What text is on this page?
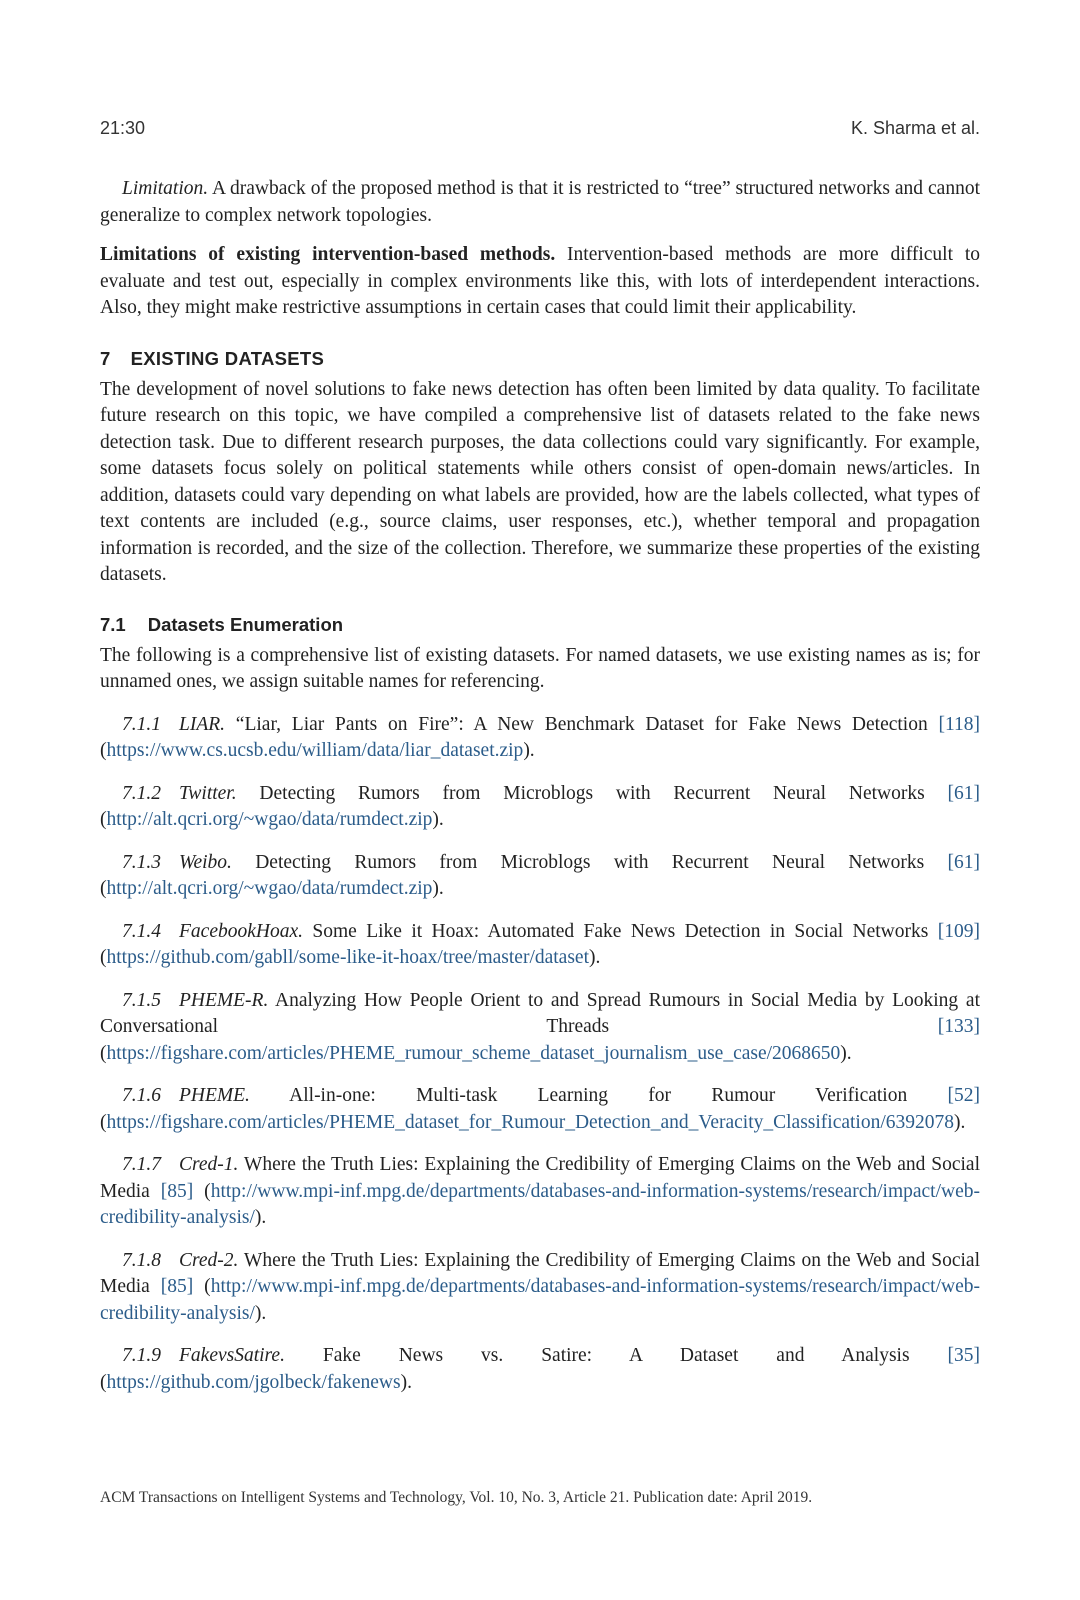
21:30	K. Sharma et al.

Limitation. A drawback of the proposed method is that it is restricted to “tree” structured networks and cannot generalize to complex network topologies.

Limitations of existing intervention-based methods. Intervention-based methods are more difficult to evaluate and test out, especially in complex environments like this, with lots of interdependent interactions. Also, they might make restrictive assumptions in certain cases that could limit their applicability.

7 EXISTING DATASETS

The development of novel solutions to fake news detection has often been limited by data quality. To facilitate future research on this topic, we have compiled a comprehensive list of datasets related to the fake news detection task. Due to different research purposes, the data collections could vary significantly. For example, some datasets focus solely on political statements while others consist of open-domain news/articles. In addition, datasets could vary depending on what labels are provided, how are the labels collected, what types of text contents are included (e.g., source claims, user responses, etc.), whether temporal and propagation information is recorded, and the size of the collection. Therefore, we summarize these properties of the existing datasets.

7.1 Datasets Enumeration

The following is a comprehensive list of existing datasets. For named datasets, we use existing names as is; for unnamed ones, we assign suitable names for referencing.

7.1.1 LIAR. “Liar, Liar Pants on Fire”: A New Benchmark Dataset for Fake News Detection [118] (https://www.cs.ucsb.edu/william/data/liar_dataset.zip).

7.1.2 Twitter. Detecting Rumors from Microblogs with Recurrent Neural Networks [61] (http://alt.qcri.org/~wgao/data/rumdect.zip).

7.1.3 Weibo. Detecting Rumors from Microblogs with Recurrent Neural Networks [61] (http://alt.qcri.org/~wgao/data/rumdect.zip).

7.1.4 FacebookHoax. Some Like it Hoax: Automated Fake News Detection in Social Networks [109] (https://github.com/gabll/some-like-it-hoax/tree/master/dataset).

7.1.5 PHEME-R. Analyzing How People Orient to and Spread Rumours in Social Media by Looking at Conversational Threads [133] (https://figshare.com/articles/PHEME_rumour_scheme_dataset_journalism_use_case/2068650).

7.1.6 PHEME. All-in-one: Multi-task Learning for Rumour Verification [52] (https://figshare.com/articles/PHEME_dataset_for_Rumour_Detection_and_Veracity_Classification/6392078).

7.1.7 Cred-1. Where the Truth Lies: Explaining the Credibility of Emerging Claims on the Web and Social Media [85] (http://www.mpi-inf.mpg.de/departments/databases-and-information-systems/research/impact/web-credibility-analysis/).

7.1.8 Cred-2. Where the Truth Lies: Explaining the Credibility of Emerging Claims on the Web and Social Media [85] (http://www.mpi-inf.mpg.de/departments/databases-and-information-systems/research/impact/web-credibility-analysis/).

7.1.9 FakevsSatire. Fake News vs. Satire: A Dataset and Analysis [35] (https://github.com/jgolbeck/fakenews).

ACM Transactions on Intelligent Systems and Technology, Vol. 10, No. 3, Article 21. Publication date: April 2019.
